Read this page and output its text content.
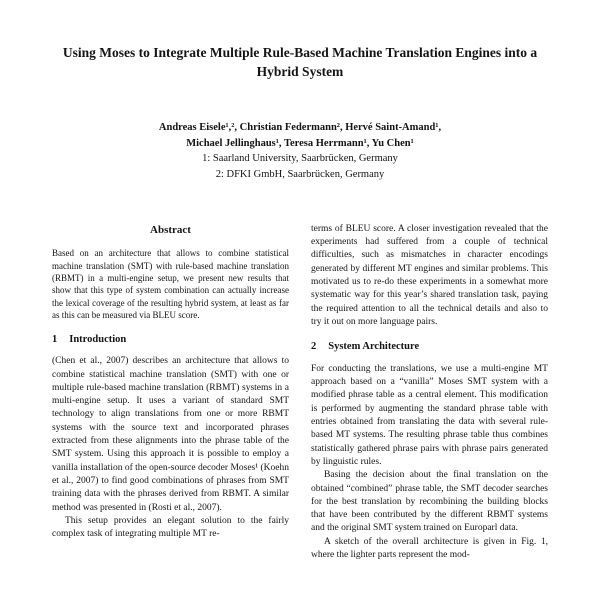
Using Moses to Integrate Multiple Rule-Based Machine Translation Engines into a Hybrid System
Andreas Eisele¹,², Christian Federmann², Hervé Saint-Amand¹,
Michael Jellinghaus¹, Teresa Herrmann¹, Yu Chen¹
1: Saarland University, Saarbrücken, Germany
2: DFKI GmbH, Saarbrücken, Germany
Abstract

Based on an architecture that allows to combine statistical machine translation (SMT) with rule-based machine translation (RBMT) in a multi-engine setup, we present new results that show that this type of system combination can actually increase the lexical coverage of the resulting hybrid system, at least as far as this can be measured via BLEU score.

1 Introduction

(Chen et al., 2007) describes an architecture that allows to combine statistical machine translation (SMT) with one or multiple rule-based machine translation (RBMT) systems in a multi-engine setup. It uses a variant of standard SMT technology to align translations from one or more RBMT systems with the source text and incorporated phrases extracted from these alignments into the phrase table of the SMT system. Using this approach it is possible to employ a vanilla installation of the open-source decoder Moses¹ (Koehn et al., 2007) to find good combinations of phrases from SMT training data with the phrases derived from RBMT. A similar method was presented in (Rosti et al., 2007).

This setup provides an elegant solution to the fairly complex task of integrating multiple MT re-

terms of BLEU score. A closer investigation revealed that the experiments had suffered from a couple of technical difficulties, such as mismatches in character encodings generated by different MT engines and similar problems. This motivated us to re-do these experiments in a somewhat more systematic way for this year’s shared translation task, paying the required attention to all the technical details and also to try it out on more language pairs.

2 System Architecture

For conducting the translations, we use a multi-engine MT approach based on a “vanilla” Moses SMT system with a modified phrase table as a central element. This modification is performed by augmenting the standard phrase table with entries obtained from translating the data with several rule-based MT systems. The resulting phrase table thus combines statistically gathered phrase pairs with phrase pairs generated by linguistic rules.

Basing the decision about the final translation on the obtained “combined” phrase table, the SMT decoder searches for the best translation by recombining the building blocks that have been contributed by the different RBMT systems and the original SMT system trained on Europarl data.

A sketch of the overall architecture is given in Fig. 1, where the lighter parts represent the mod-
